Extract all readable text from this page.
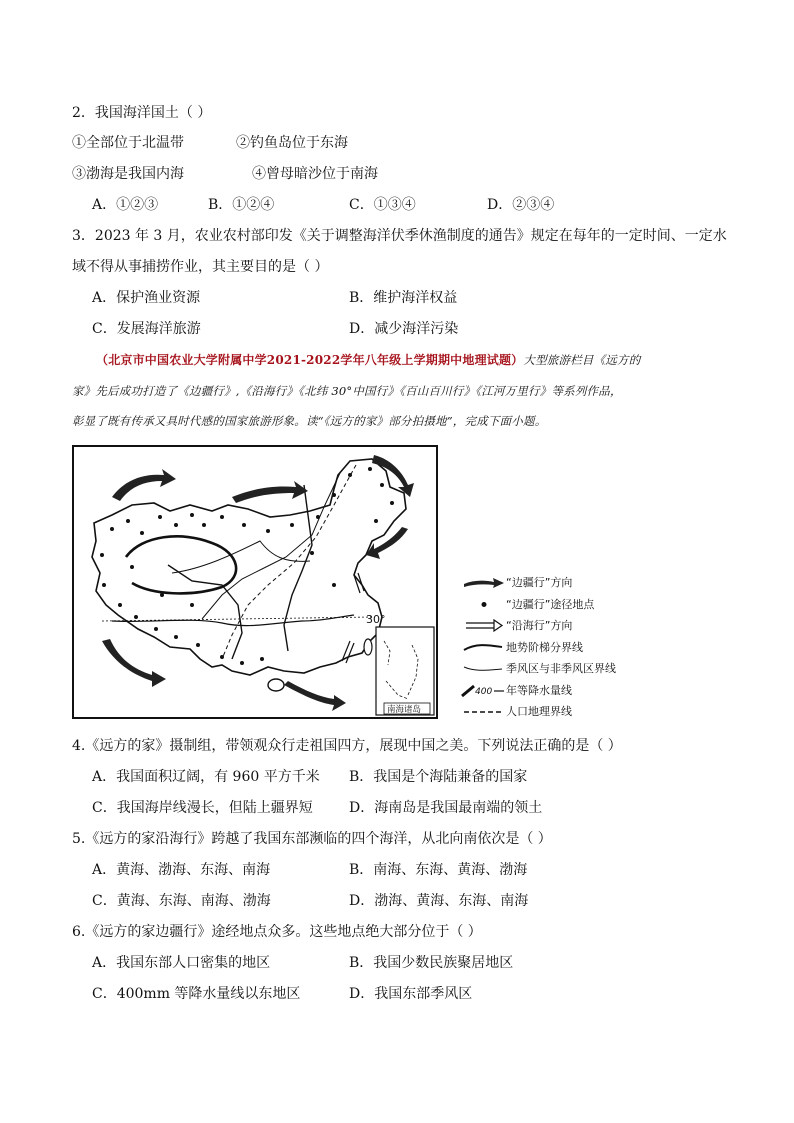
2．我国海洋国土（ ）
①全部位于北温带	②钓鱼岛位于东海
③渤海是我国内海	④曾母暗沙位于南海
A．①②③	B．①②④	C．①③④	D．②③④
3．2023 年 3 月，农业农村部印发《关于调整海洋伏季休渔制度的通告》规定在每年的一定时间、一定水
域不得从事捕捞作业，其主要目的是（ ）
A．保护渔业资源	B．维护海洋权益
C．发展海洋旅游	D．减少海洋污染
（北京市中国农业大学附属中学2021-2022学年八年级上学期期中地理试题）大型旅游栏目《远方的
家》先后成功打造了《边疆行》,《沿海行》《北纬 30°中国行》《百山百川行》《江河万里行》等系列作品，
彰显了既有传承又具时代感的国家旅游形象。读“《远方的家》部分拍摄地”，完成下面小题。
30°
南海诸岛
“边疆行”方向
“边疆行”途径地点
“沿海行”方向
地势阶梯分界线
季风区与非季风区界线
400 年等降水量线
人口地理界线
4.《远方的家》摄制组，带领观众行走祖国四方，展现中国之美。下列说法正确的是（ ）
A．我国面积辽阔，有 960 平方千米 B．我国是个海陆兼备的国家
C．我国海岸线漫长，但陆上疆界短	D．海南岛是我国最南端的领土
5.《远方的家沿海行》跨越了我国东部濒临的四个海洋，从北向南依次是（ ）
A．黄海、渤海、东海、南海	B．南海、东海、黄海、渤海
C．黄海、东海、南海、渤海	D．渤海、黄海、东海、南海
6.《远方的家边疆行》途经地点众多。这些地点绝大部分位于（ ）
A．我国东部人口密集的地区	B．我国少数民族聚居地区
C．400mm 等降水量线以东地区	D．我国东部季风区
